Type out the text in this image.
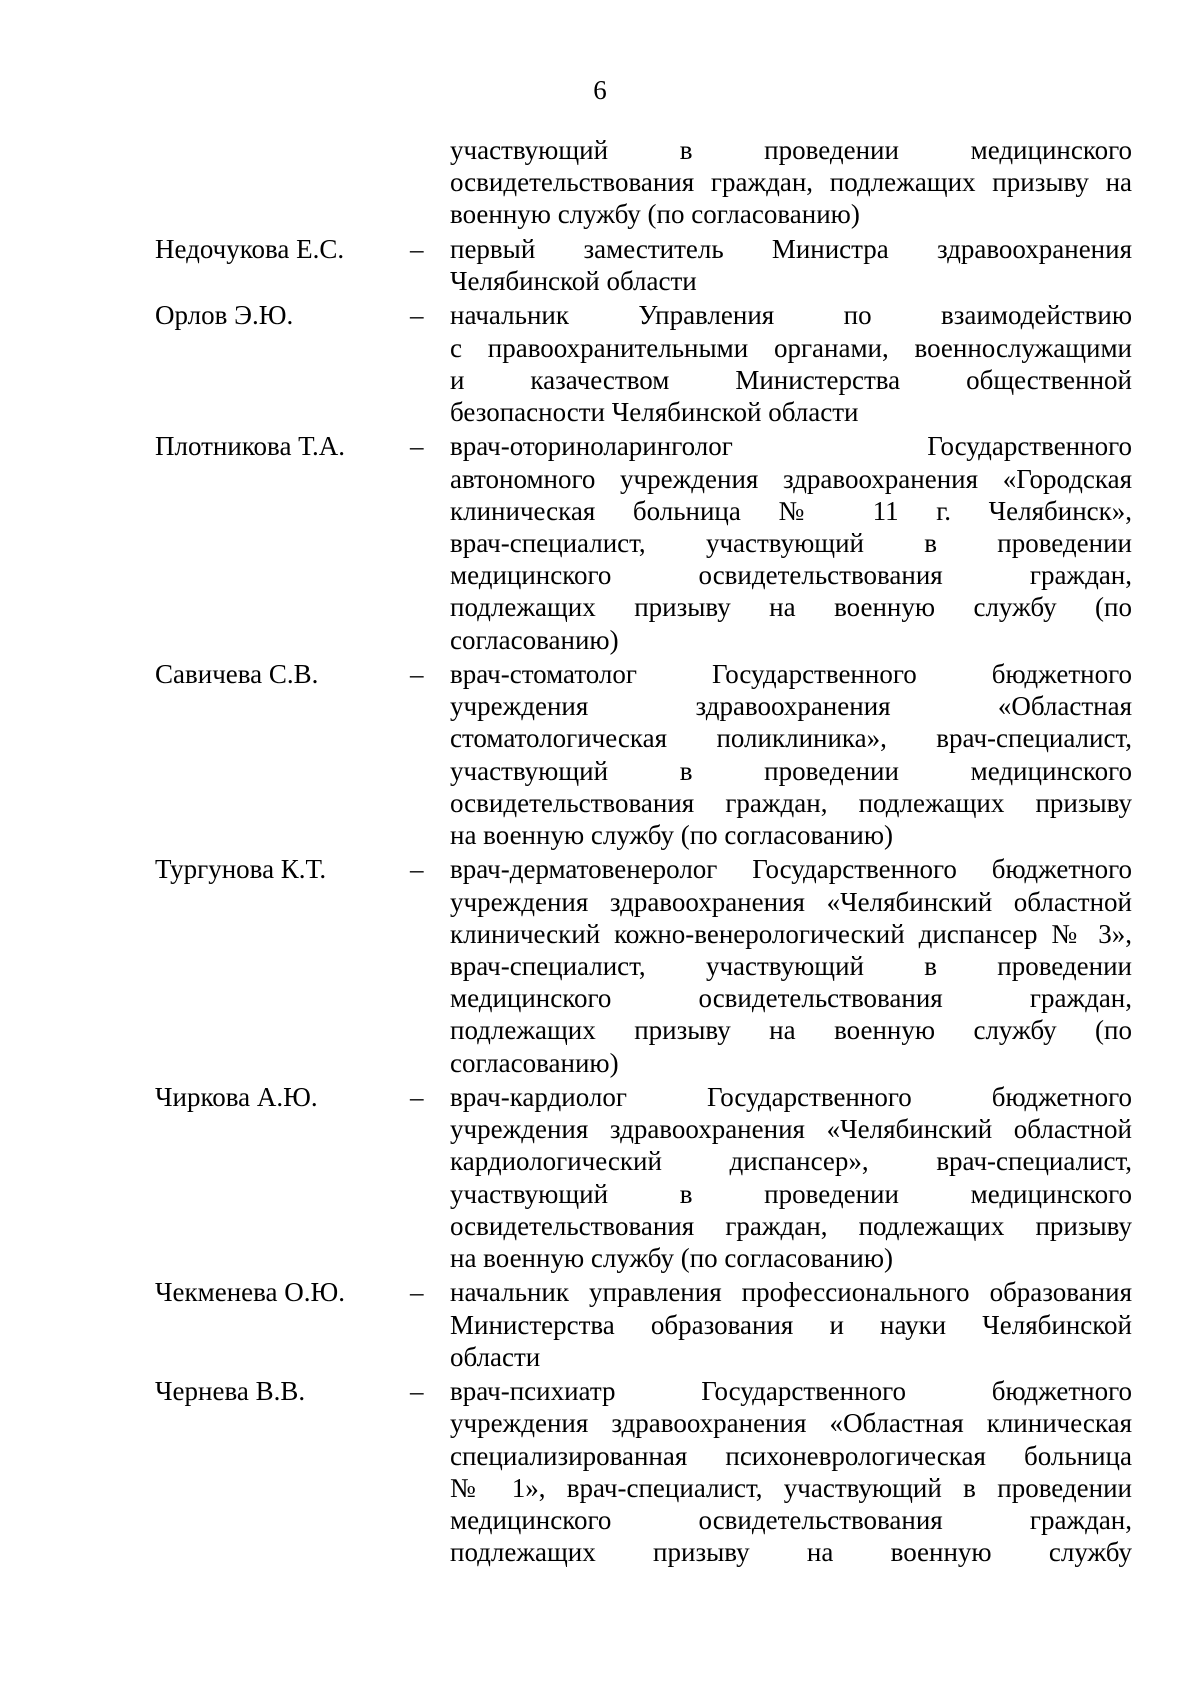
6
участвующий в проведении медицинского
освидетельствования граждан, подлежащих призыву на
военную службу (по согласованию)
Недочукова Е.С.	– первый заместитель Министра здравоохранения
Челябинской области
Орлов Э.Ю.	– начальник Управления по взаимодействию
с правоохранительными органами, военнослужащими
и казачеством Министерства общественной
безопасности Челябинской области
Плотникова Т.А.	– врач-оториноларинголог Государственного
автономного учреждения здравоохранения «Городская
клиническая больница № 11 г. Челябинск»,
врач-специалист, участвующий в проведении
медицинского освидетельствования граждан,
подлежащих призыву на военную службу (по
согласованию)
Савичева С.В.	– врач-стоматолог Государственного бюджетного
учреждения здравоохранения «Областная
стоматологическая поликлиника», врач-специалист,
участвующий в проведении медицинского
освидетельствования граждан, подлежащих призыву
на военную службу (по согласованию)
Тургунова К.Т.	– врач-дерматовенеролог Государственного бюджетного
учреждения здравоохранения «Челябинский областной
клинический кожно-венерологический диспансер № 3»,
врач-специалист, участвующий в проведении
медицинского освидетельствования граждан,
подлежащих призыву на военную службу (по
согласованию)
Чиркова А.Ю.	– врач-кардиолог Государственного бюджетного
учреждения здравоохранения «Челябинский областной
кардиологический диспансер», врач-специалист,
участвующий в проведении медицинского
освидетельствования граждан, подлежащих призыву
на военную службу (по согласованию)
Чекменева О.Ю.	– начальник управления профессионального образования
Министерства образования и науки Челябинской
области
Чернева В.В.	– врач-психиатр Государственного бюджетного
учреждения здравоохранения «Областная клиническая
специализированная психоневрологическая больница
№ 1», врач-специалист, участвующий в проведении
медицинского освидетельствования граждан,
подлежащих призыву на военную службу
